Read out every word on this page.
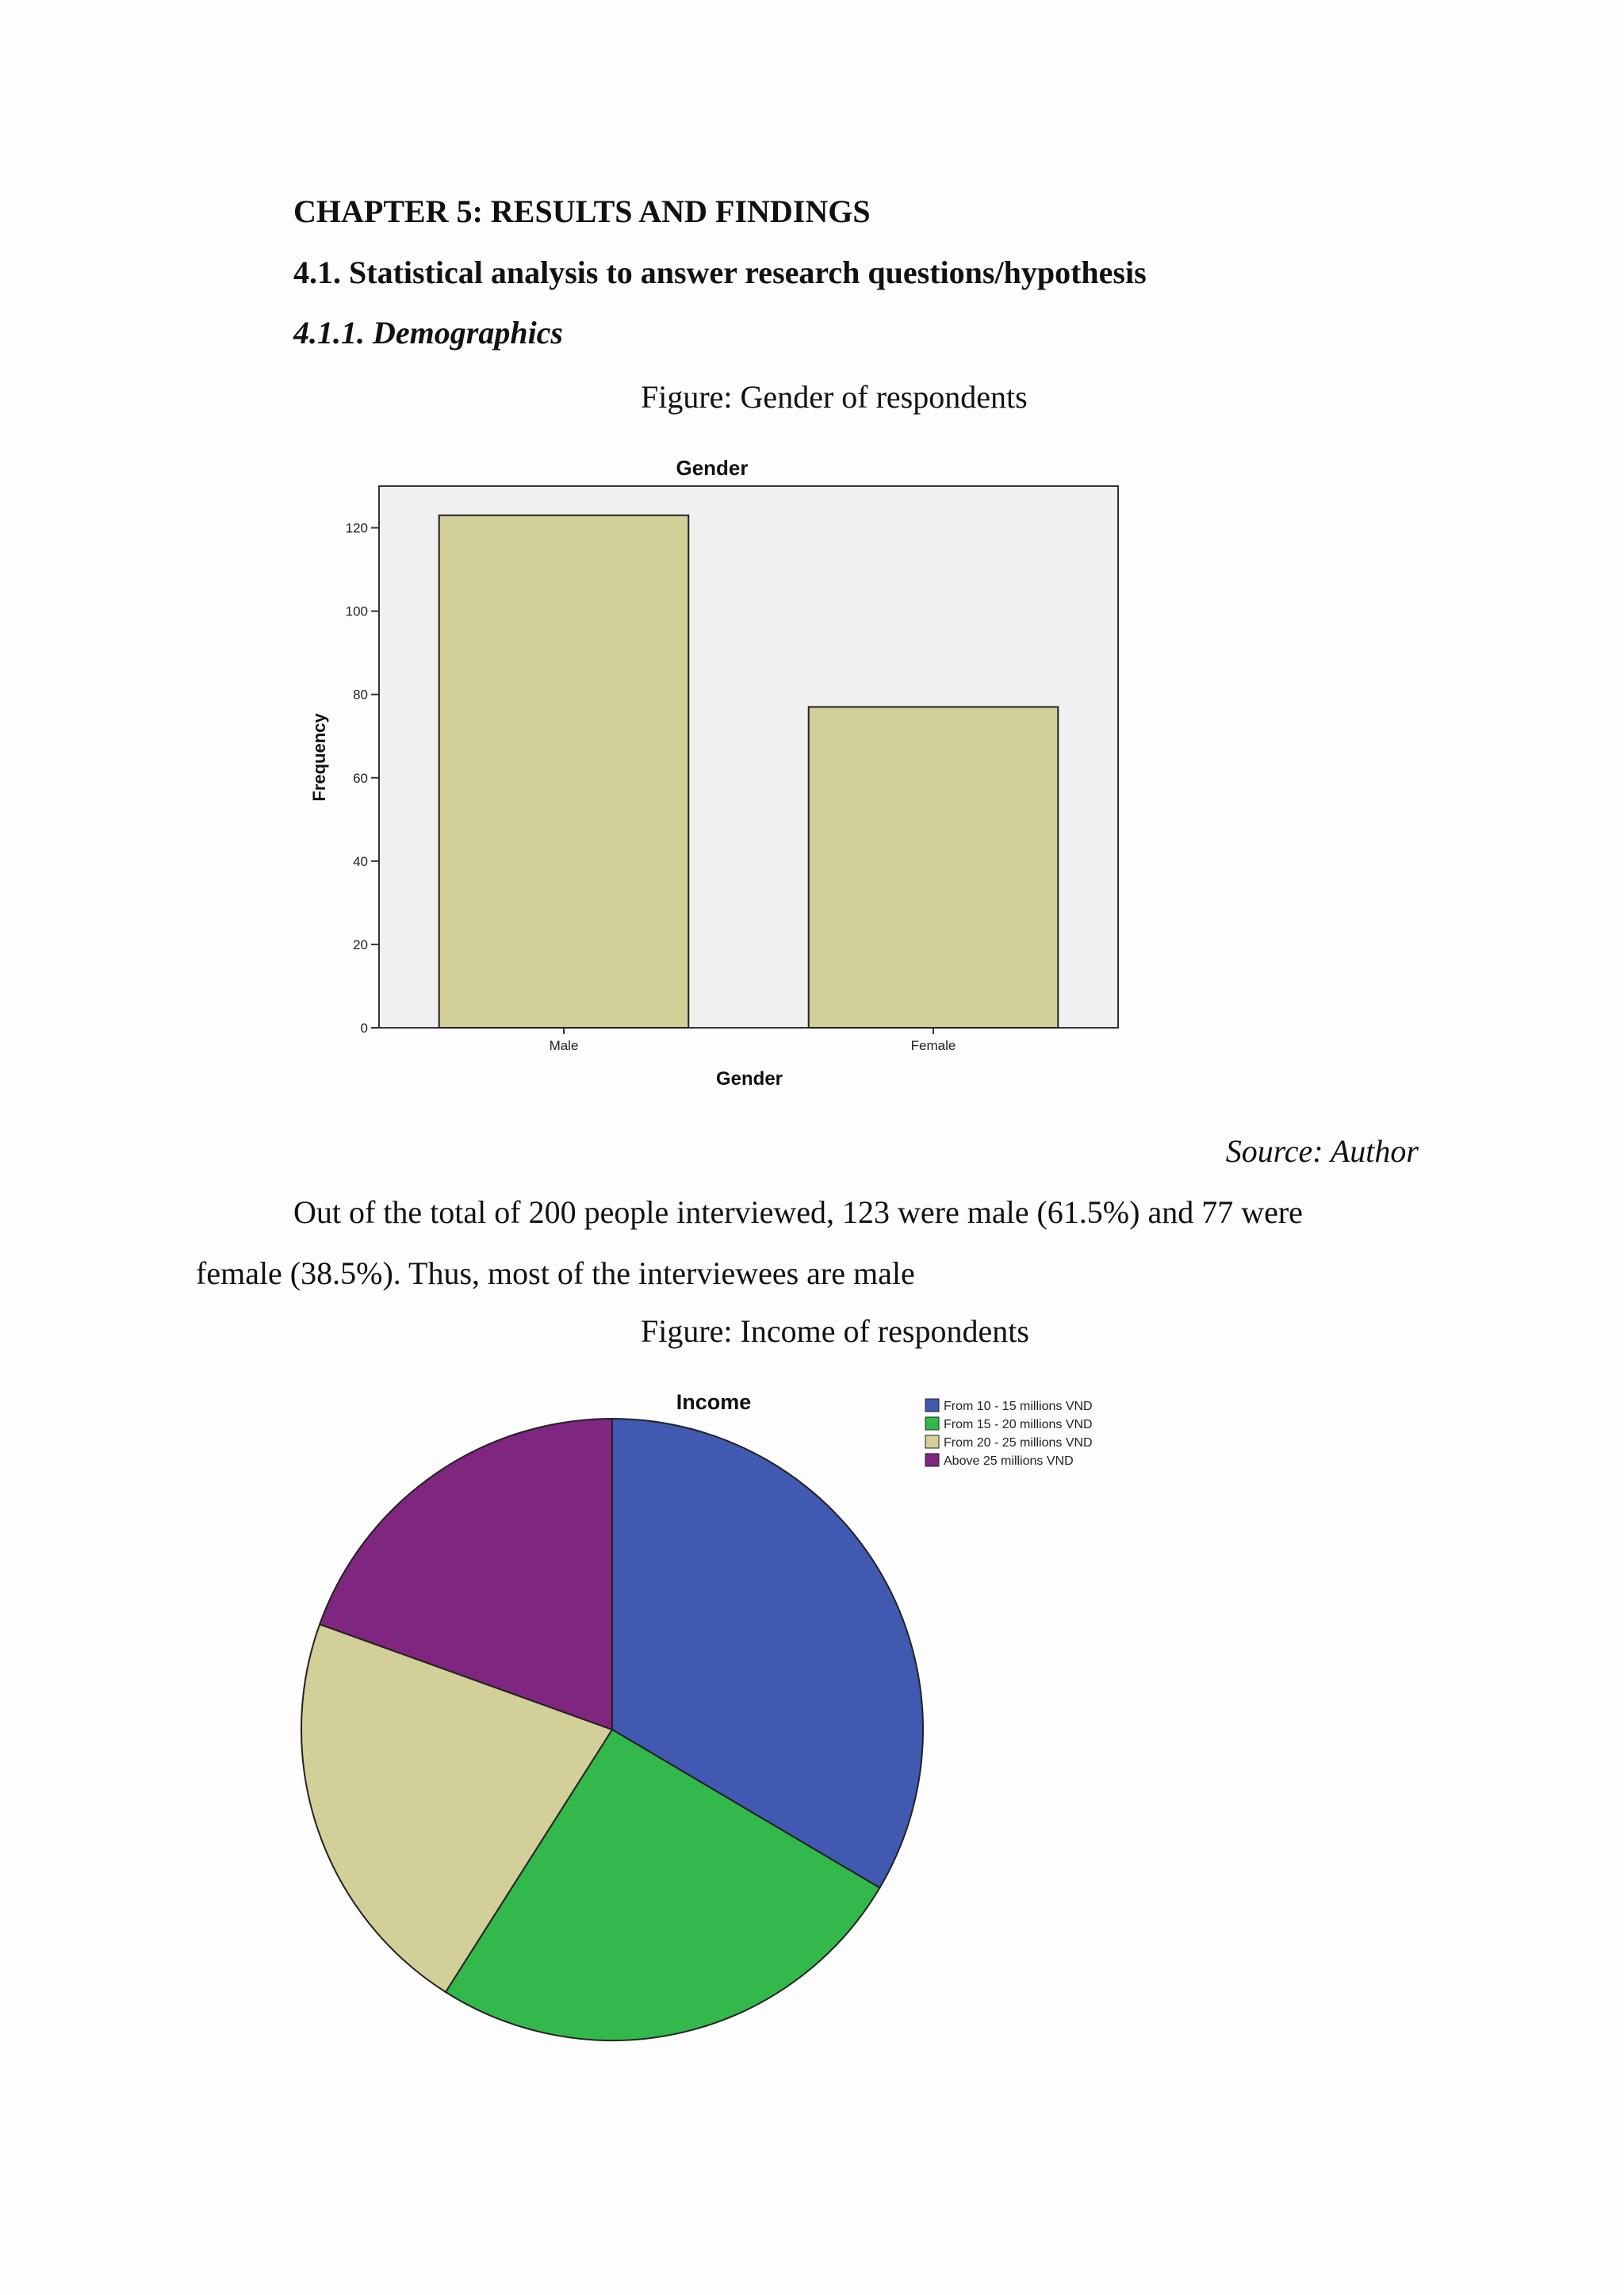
CHAPTER 5: RESULTS AND FINDINGS
4.1. Statistical analysis to answer research questions/hypothesis
4.1.1. Demographics
Figure: Gender of respondents
Gender
0
20
40
60
80
100
120
Male	Female
Gender
Frequency
Source: Author
Out of the total of 200 people interviewed, 123 were male (61.5%) and 77 were
female (38.5%). Thus, most of the interviewees are male
Figure: Income of respondents
Income	From 10 - 15 millions VND
From 15 - 20 millions VND
From 20 - 25 millions VND
Above 25 millions VND
